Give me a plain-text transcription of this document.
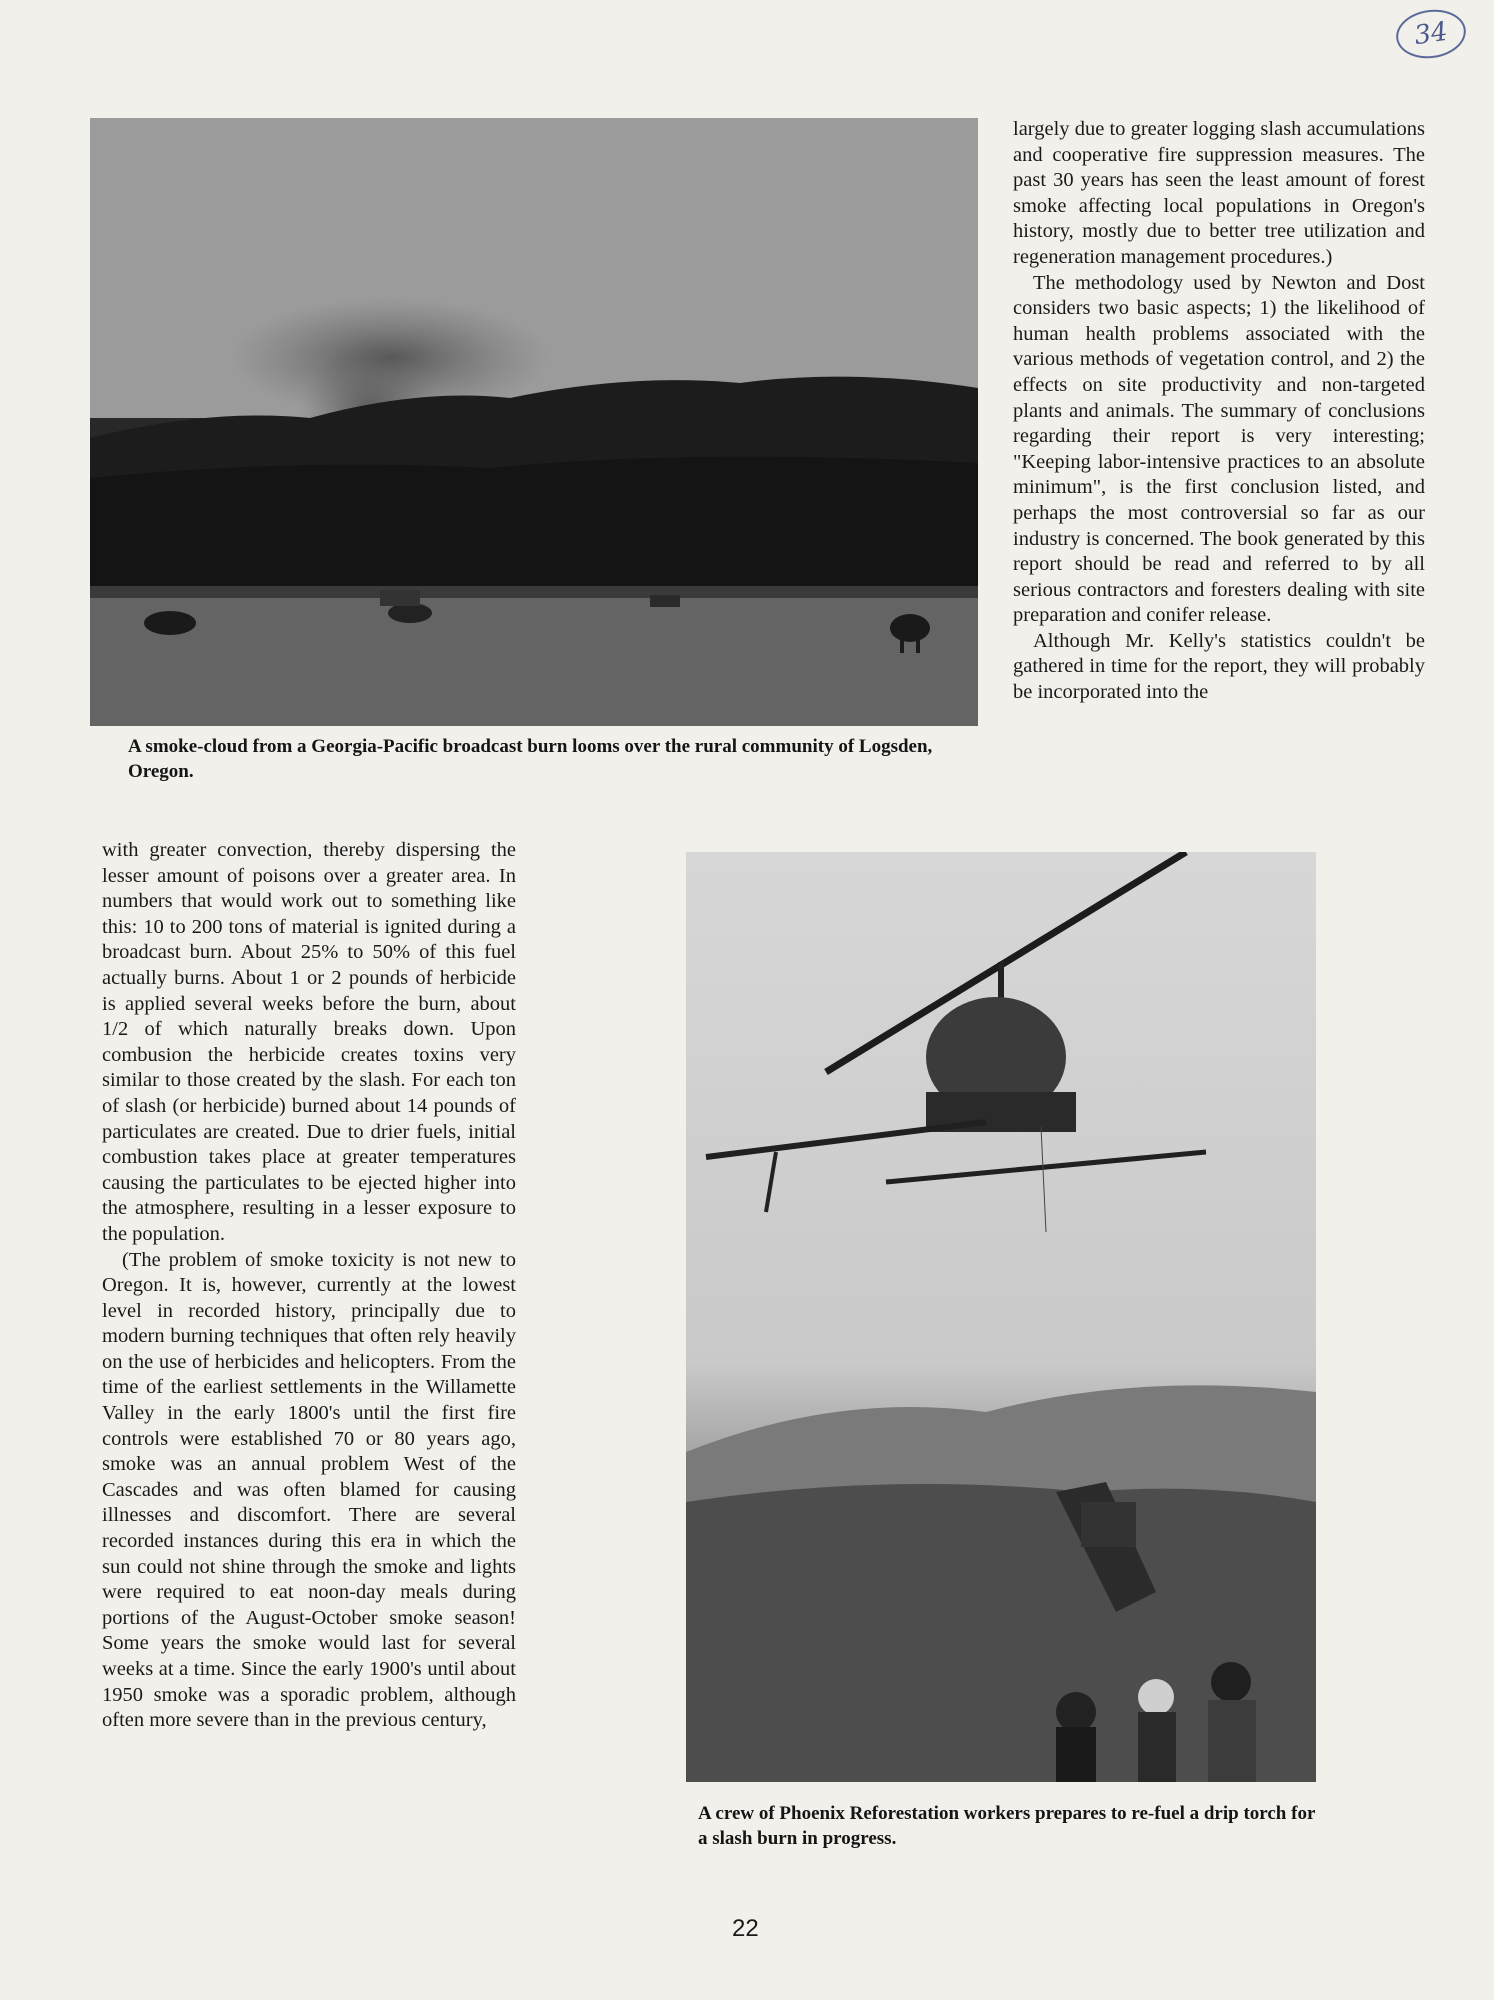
34
A smoke-cloud from a Georgia-Pacific broadcast burn looms over the rural community of Logsden, Oregon.

largely due to greater logging slash accumulations and cooperative fire suppression measures. The past 30 years has seen the least amount of forest smoke affecting local populations in Oregon's history, mostly due to better tree utilization and regeneration management procedures.)

The methodology used by Newton and Dost considers two basic aspects; 1) the likelihood of human health problems associated with the various methods of vegetation control, and 2) the effects on site productivity and non-targeted plants and animals. The summary of conclusions regarding their report is very interesting; "Keeping labor-intensive practices to an absolute minimum", is the first conclusion listed, and perhaps the most controversial so far as our industry is concerned. The book generated by this report should be read and referred to by all serious contractors and foresters dealing with site preparation and conifer release.

Although Mr. Kelly's statistics couldn't be gathered in time for the report, they will probably be incorporated into the

A crew of Phoenix Reforestation workers prepares to re-fuel a drip torch for a slash burn in progress.

with greater convection, thereby dispersing the lesser amount of poisons over a greater area. In numbers that would work out to something like this: 10 to 200 tons of material is ignited during a broadcast burn. About 25% to 50% of this fuel actually burns. About 1 or 2 pounds of herbicide is applied several weeks before the burn, about 1/2 of which naturally breaks down. Upon combusion the herbicide creates toxins very similar to those created by the slash. For each ton of slash (or herbicide) burned about 14 pounds of particulates are created. Due to drier fuels, initial combustion takes place at greater temperatures causing the particulates to be ejected higher into the atmosphere, resulting in a lesser exposure to the population.

(The problem of smoke toxicity is not new to Oregon. It is, however, currently at the lowest level in recorded history, principally due to modern burning techniques that often rely heavily on the use of herbicides and helicopters. From the time of the earliest settlements in the Willamette Valley in the early 1800's until the first fire controls were established 70 or 80 years ago, smoke was an annual problem West of the Cascades and was often blamed for causing illnesses and discomfort. There are several recorded instances during this era in which the sun could not shine through the smoke and lights were required to eat noon-day meals during portions of the August-October smoke season! Some years the smoke would last for several weeks at a time. Since the early 1900's until about 1950 smoke was a sporadic problem, although often more severe than in the previous century,

22
